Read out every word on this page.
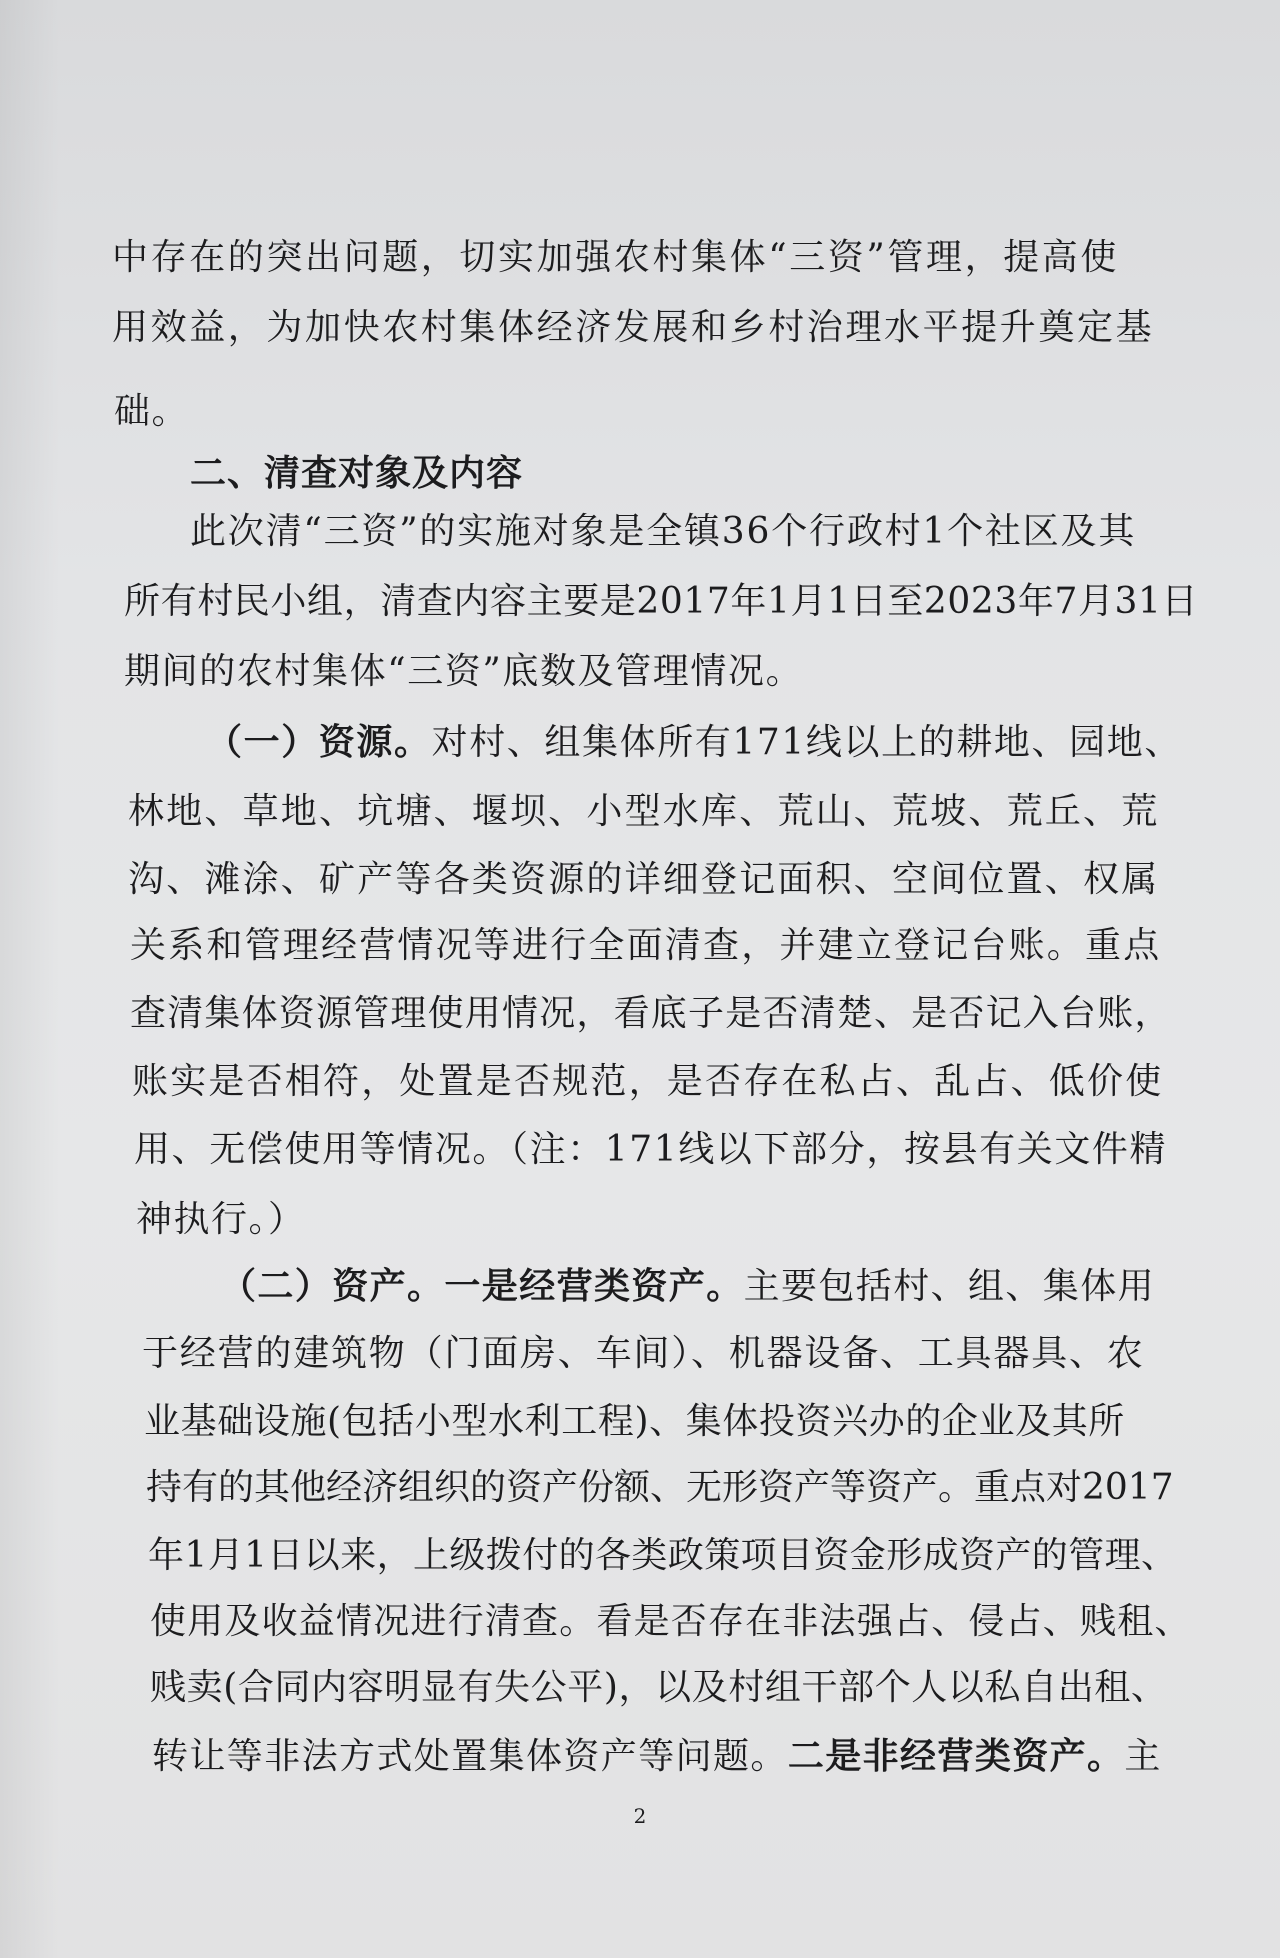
中存在的突出问题，切实加强农村集体“三资”管理，提高使
用效益，为加快农村集体经济发展和乡村治理水平提升奠定基
础。
二、清查对象及内容
此次清“三资”的实施对象是全镇36个行政村1个社区及其
所有村民小组，清查内容主要是2017年1月1日至2023年7月31日
期间的农村集体“三资”底数及管理情况。
（一）资源。对村、组集体所有171线以上的耕地、园地、
林地、草地、坑塘、堰坝、小型水库、荒山、荒坡、荒丘、荒
沟、滩涂、矿产等各类资源的详细登记面积、空间位置、权属
关系和管理经营情况等进行全面清查，并建立登记台账。重点
查清集体资源管理使用情况，看底子是否清楚、是否记入台账，
账实是否相符，处置是否规范，是否存在私占、乱占、低价使
用、无偿使用等情况。（注：171线以下部分，按县有关文件精
神执行。）
（二）资产。一是经营类资产。主要包括村、组、集体用
于经营的建筑物（门面房、车间）、机器设备、工具器具、农
业基础设施(包括小型水利工程)、集体投资兴办的企业及其所
持有的其他经济组织的资产份额、无形资产等资产。重点对2017
年1月1日以来，上级拨付的各类政策项目资金形成资产的管理、
使用及收益情况进行清查。看是否存在非法强占、侵占、贱租、
贱卖(合同内容明显有失公平)，以及村组干部个人以私自出租、
转让等非法方式处置集体资产等问题。二是非经营类资产。主
2
